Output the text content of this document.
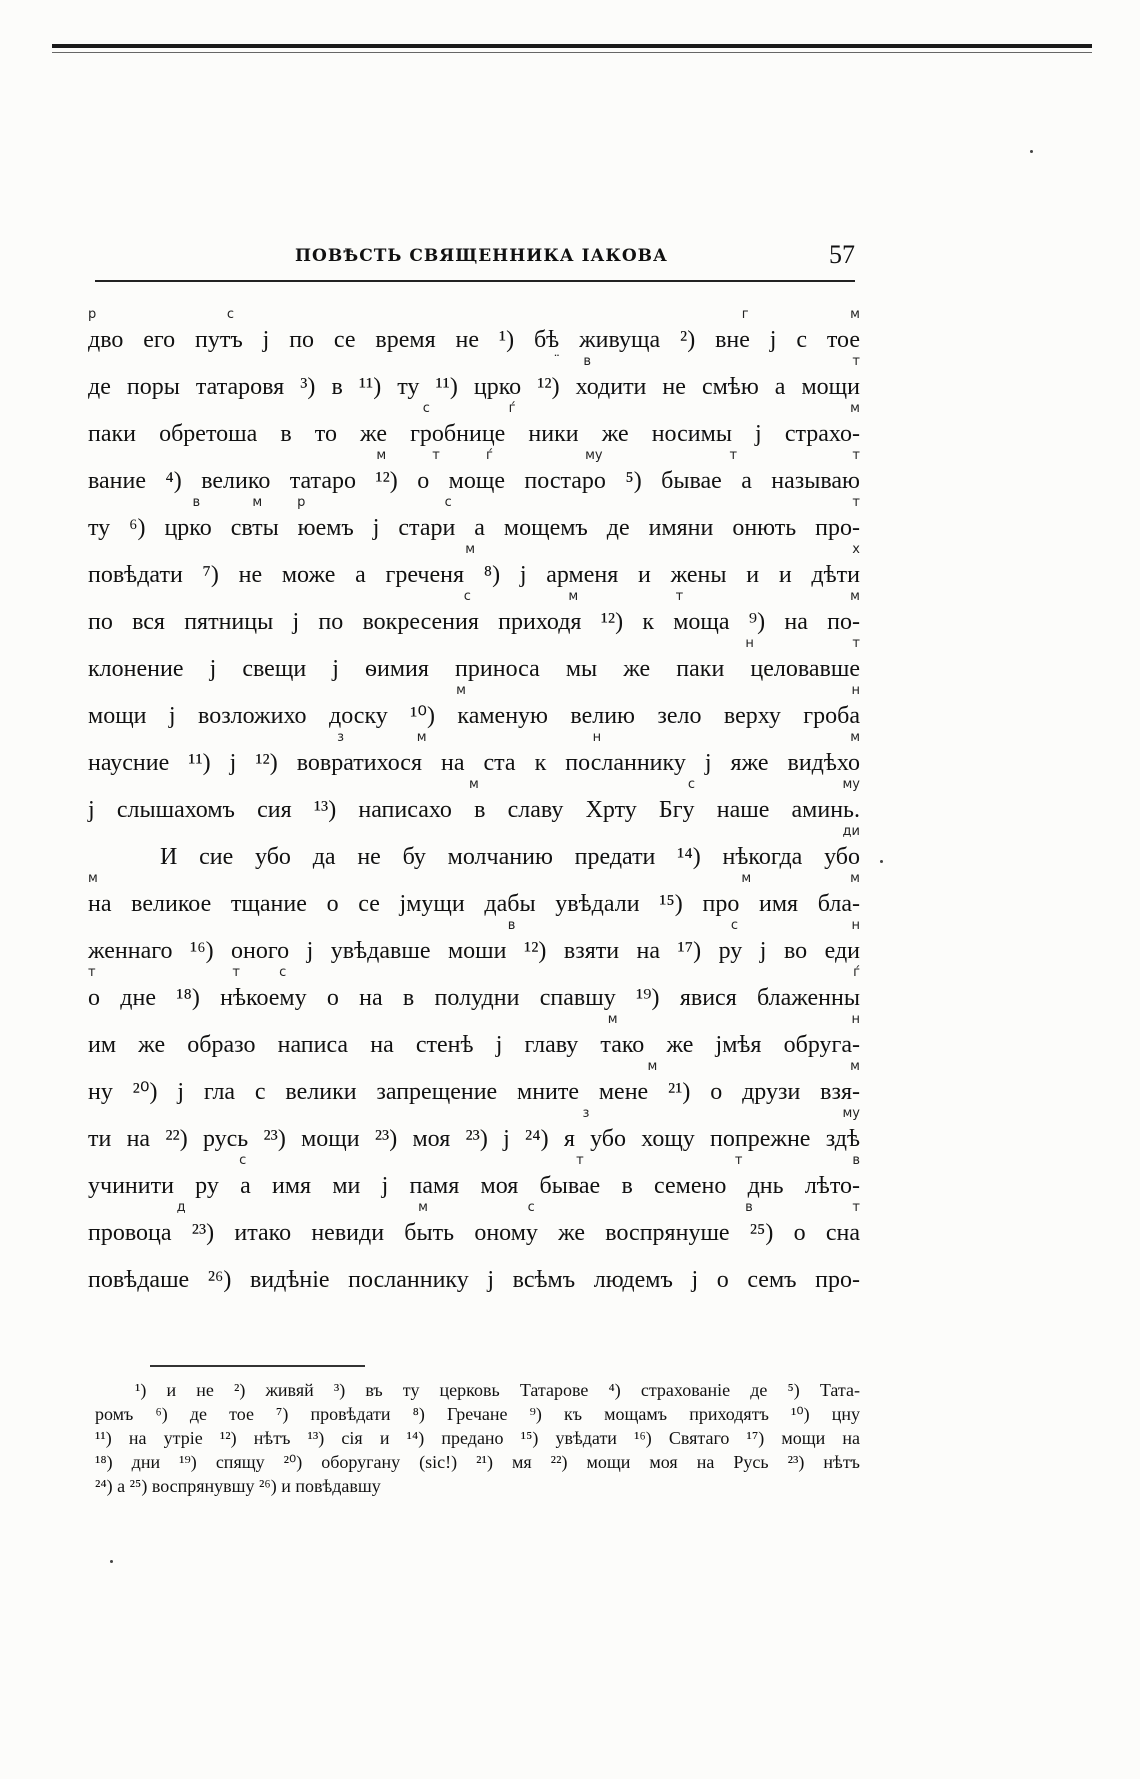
ПОВѢСТЬ СВЯЩЕННИКА ІАКОВА	57
р         с                                   г       м
дво его путъ ј по се время не ¹) бѣ живуща ²) вне ј с тое
̈ в                   т
де поры татаровя ³) в ¹¹) ту ¹¹) црко ¹²) ходити не смѣю а мощи
с    ѓ                 м
паки обретоша в то же гробнице ники же носимы ј страхо-
м    т    ѓ        му           т          т
вание ⁴) велико татаро ¹²) о моще постаро ⁵) бывае а называю
в   м  р        с                       т
ту ⁶) црко свты юемъ ј стари а мощемъ де имяни онють про-
м                          х
повѣдати ⁷) не може а греченя ⁸) ј арменя и жены и и дѣти
с       м       т            м
по вся пятницы ј по вокресения приходя ¹²) к моща ⁹) на по-
н      т
клонение ј свещи ј ѳимия приноса мы же паки целовавше
м                      н
мощи ј возложихо доску ¹⁰) каменую велию зело верху гроба
з       м                н                        м
наусние ¹¹) ј ¹²) вовратихося на ста к посланнику ј яже видѣхо
м                 с            му
ј слышахомъ сия ¹³) написахо в славу Хрту Бгу наше аминь.
ди
И сие убо да не бу молчанию предати ¹⁴) нѣкогда убо
м                          м    м
на великое тщание о се јмущи дабы увѣдали ¹⁵) про имя бла-
в                   с          н
женнаго ¹⁶) оного ј увѣдавше моши ¹²) взяти на ¹⁷) ру ј во еди
т              т    с                                                          ѓ
о дне ¹⁸) нѣкоему о на в полудни спавшу ¹⁹) явися блаженны
м         н
им же образо написа на стенѣ ј главу тако же јмѣя обруга-
м          м
ну ²⁰) ј гла с велики запрещение мните мене ²¹) о друзи взя-
з                      му
ти на ²²) русь ²³) мощи ²³) моя ²³) ј ²⁴) я убо хощу попрежне здѣ
с                        т           т        в
учинити ру а имя ми ј памя моя бывае в семено днь лѣто-
д                     м         с                   в         т
провоца ²³) итако невиди быть оному же воспрянуше ²⁵) о сна
повѣдаше ²⁶) видѣніе посланнику ј всѣмъ людемъ ј о семъ про-
¹) и не ²) живяй ³) въ ту церковь Татарове ⁴) страхованіе де ⁵) Тата-
ромъ ⁶) де тое ⁷) провѣдати ⁸) Гречане ⁹) къ мощамъ приходятъ ¹⁰) цну
¹¹) на утріе ¹²) нѣтъ ¹³) сія и ¹⁴) предано ¹⁵) увѣдати ¹⁶) Святаго ¹⁷) мощи на
¹⁸) дни ¹⁹) спящу ²⁰) оборугану (sic!) ²¹) мя ²²) мощи моя на Русь ²³) нѣтъ
²⁴) а ²⁵) воспрянувшу ²⁶) и повѣдавшу
